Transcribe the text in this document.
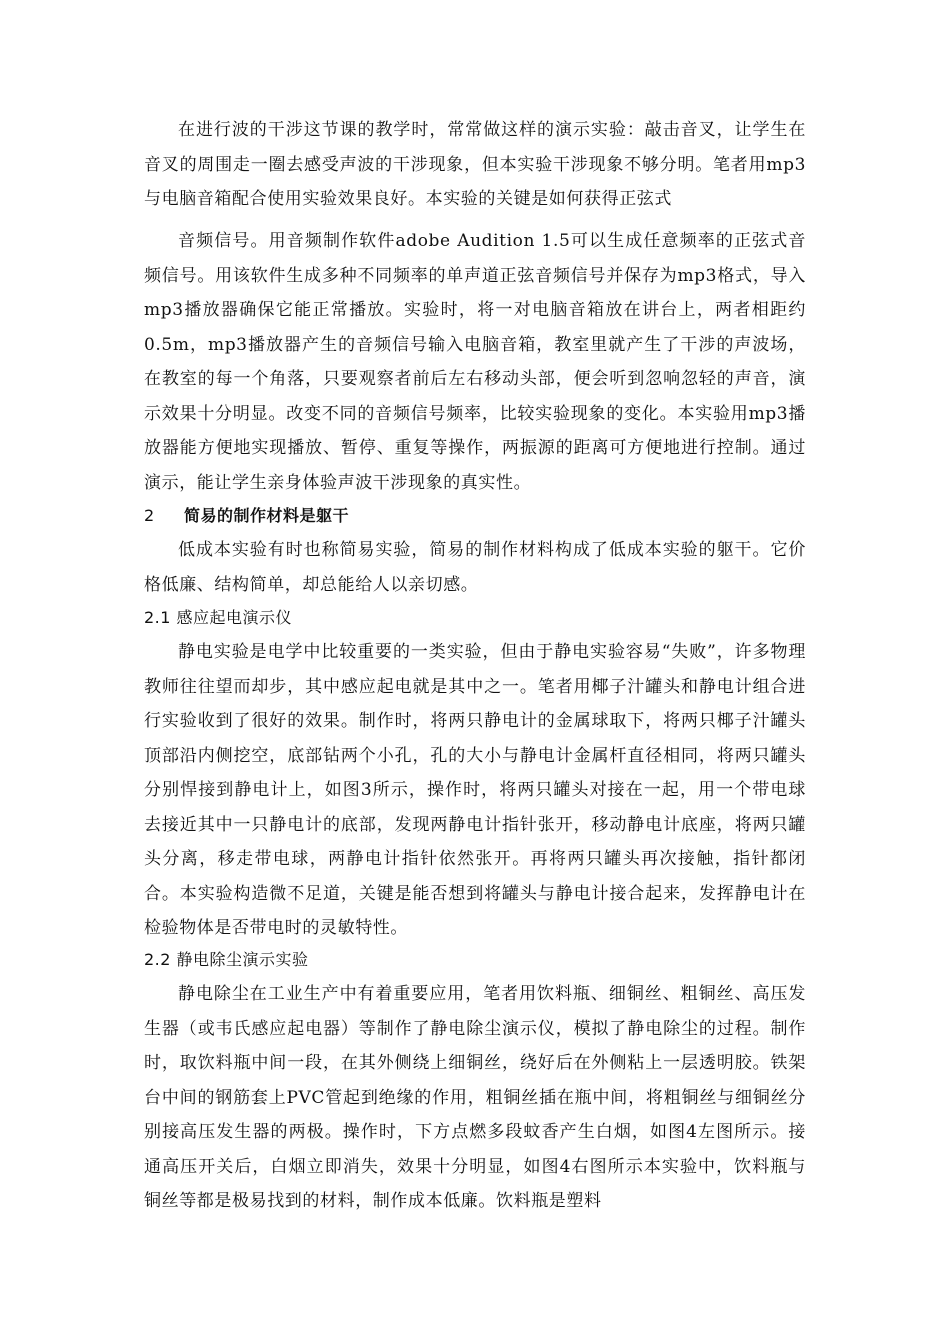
在进行波的干涉这节课的教学时，常常做这样的演示实验：敲击音叉，让学生在音叉的周围走一圈去感受声波的干涉现象，但本实验干涉现象不够分明。笔者用mp3与电脑音箱配合使用实验效果良好。本实验的关键是如何获得正弦式

音频信号。用音频制作软件adobe Audition 1.5可以生成任意频率的正弦式音频信号。用该软件生成多种不同频率的单声道正弦音频信号并保存为mp3格式，导入mp3播放器确保它能正常播放。实验时，将一对电脑音箱放在讲台上，两者相距约0.5m，mp3播放器产生的音频信号输入电脑音箱，教室里就产生了干涉的声波场，在教室的每一个角落，只要观察者前后左右移动头部，便会听到忽响忽轻的声音，演示效果十分明显。改变不同的音频信号频率，比较实验现象的变化。本实验用mp3播放器能方便地实现播放、暂停、重复等操作，两振源的距离可方便地进行控制。通过演示，能让学生亲身体验声波干涉现象的真实性。

2 简易的制作材料是躯干

低成本实验有时也称简易实验，简易的制作材料构成了低成本实验的躯干。它价格低廉、结构简单，却总能给人以亲切感。

2.1 感应起电演示仪

静电实验是电学中比较重要的一类实验，但由于静电实验容易“失败”，许多物理教师往往望而却步，其中感应起电就是其中之一。笔者用椰子汁罐头和静电计组合进行实验收到了很好的效果。制作时，将两只静电计的金属球取下，将两只椰子汁罐头顶部沿内侧挖空，底部钻两个小孔，孔的大小与静电计金属杆直径相同，将两只罐头分别悍接到静电计上，如图3所示，操作时，将两只罐头对接在一起，用一个带电球去接近其中一只静电计的底部，发现两静电计指针张开，移动静电计底座，将两只罐头分离，移走带电球，两静电计指针依然张开。再将两只罐头再次接触，指针都闭合。本实验构造微不足道，关键是能否想到将罐头与静电计接合起来，发挥静电计在检验物体是否带电时的灵敏特性。

2.2 静电除尘演示实验

静电除尘在工业生产中有着重要应用，笔者用饮料瓶、细铜丝、粗铜丝、高压发生器（或韦氏感应起电器）等制作了静电除尘演示仪，模拟了静电除尘的过程。制作时，取饮料瓶中间一段，在其外侧绕上细铜丝，绕好后在外侧粘上一层透明胶。铁架台中间的钢筋套上PVC管起到绝缘的作用，粗铜丝插在瓶中间，将粗铜丝与细铜丝分别接高压发生器的两极。操作时，下方点燃多段蚊香产生白烟，如图4左图所示。接通高压开关后，白烟立即消失，效果十分明显，如图4右图所示本实验中，饮料瓶与铜丝等都是极易找到的材料，制作成本低廉。饮料瓶是塑料
